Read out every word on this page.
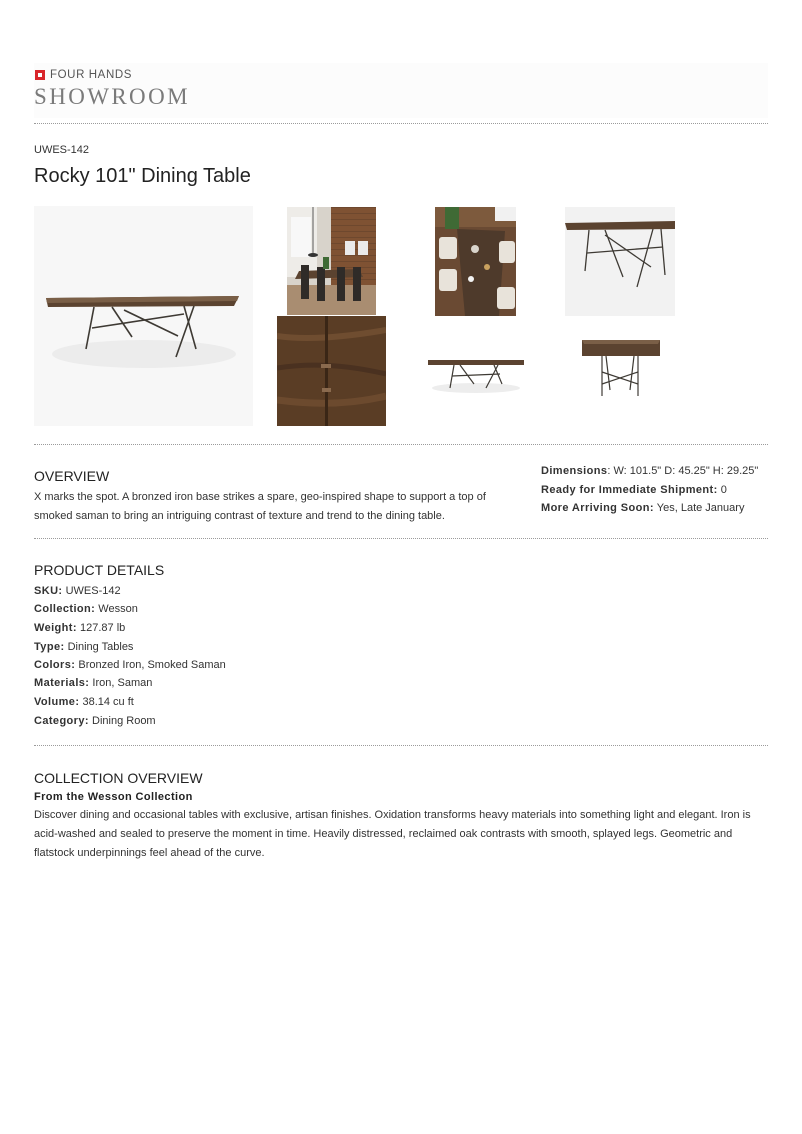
FOUR HANDS
SHOWROOM
UWES-142
Rocky 101" Dining Table
OVERVIEW
X marks the spot. A bronzed iron base strikes a spare, geo-inspired shape to support a top of smoked saman to bring an intriguing contrast of texture and trend to the dining table.
Dimensions: W: 101.5" D: 45.25" H: 29.25"
Ready for Immediate Shipment: 0
More Arriving Soon: Yes, Late January
PRODUCT DETAILS
SKU: UWES-142
Collection: Wesson
Weight: 127.87 lb
Type: Dining Tables
Colors: Bronzed Iron, Smoked Saman
Materials: Iron, Saman
Volume: 38.14 cu ft
Category: Dining Room
COLLECTION OVERVIEW
From the Wesson Collection
Discover dining and occasional tables with exclusive, artisan finishes. Oxidation transforms heavy materials into something light and elegant. Iron is acid-washed and sealed to preserve the moment in time. Heavily distressed, reclaimed oak contrasts with smooth, splayed legs. Geometric and flatstock underpinnings feel ahead of the curve.
